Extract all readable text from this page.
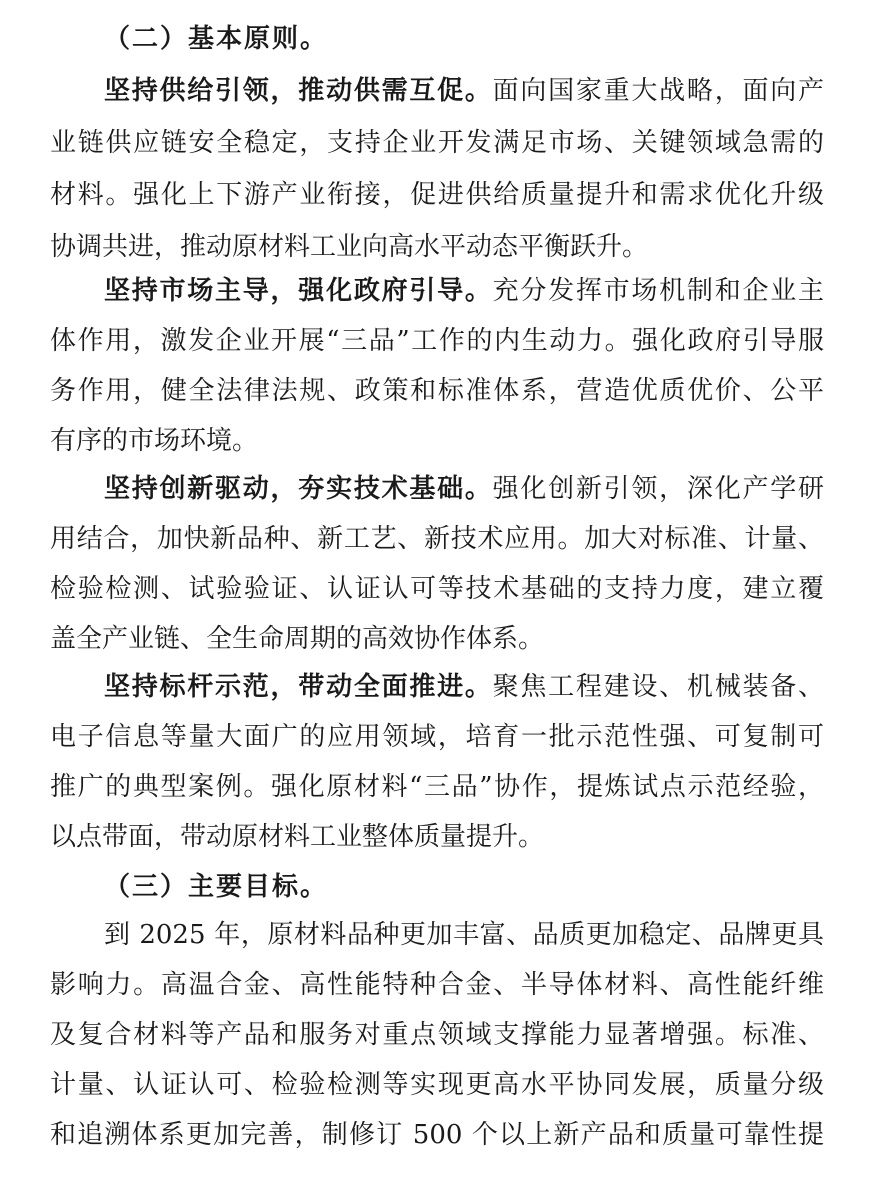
（二）基本原则。
坚持供给引领，推动供需互促。面向国家重大战略，面向产
业链供应链安全稳定，支持企业开发满足市场、关键领域急需的
材料。强化上下游产业衔接，促进供给质量提升和需求优化升级
协调共进，推动原材料工业向高水平动态平衡跃升。
坚持市场主导，强化政府引导。充分发挥市场机制和企业主
体作用，激发企业开展“三品”工作的内生动力。强化政府引导服
务作用，健全法律法规、政策和标准体系，营造优质优价、公平
有序的市场环境。
坚持创新驱动，夯实技术基础。强化创新引领，深化产学研
用结合，加快新品种、新工艺、新技术应用。加大对标准、计量、
检验检测、试验验证、认证认可等技术基础的支持力度，建立覆
盖全产业链、全生命周期的高效协作体系。
坚持标杆示范，带动全面推进。聚焦工程建设、机械装备、
电子信息等量大面广的应用领域，培育一批示范性强、可复制可
推广的典型案例。强化原材料“三品”协作，提炼试点示范经验，
以点带面，带动原材料工业整体质量提升。
（三）主要目标。
到 2025 年，原材料品种更加丰富、品质更加稳定、品牌更具
影响力。高温合金、高性能特种合金、半导体材料、高性能纤维
及复合材料等产品和服务对重点领域支撑能力显著增强。标准、
计量、认证认可、检验检测等实现更高水平协同发展，质量分级
和追溯体系更加完善，制修订 500 个以上新产品和质量可靠性提
